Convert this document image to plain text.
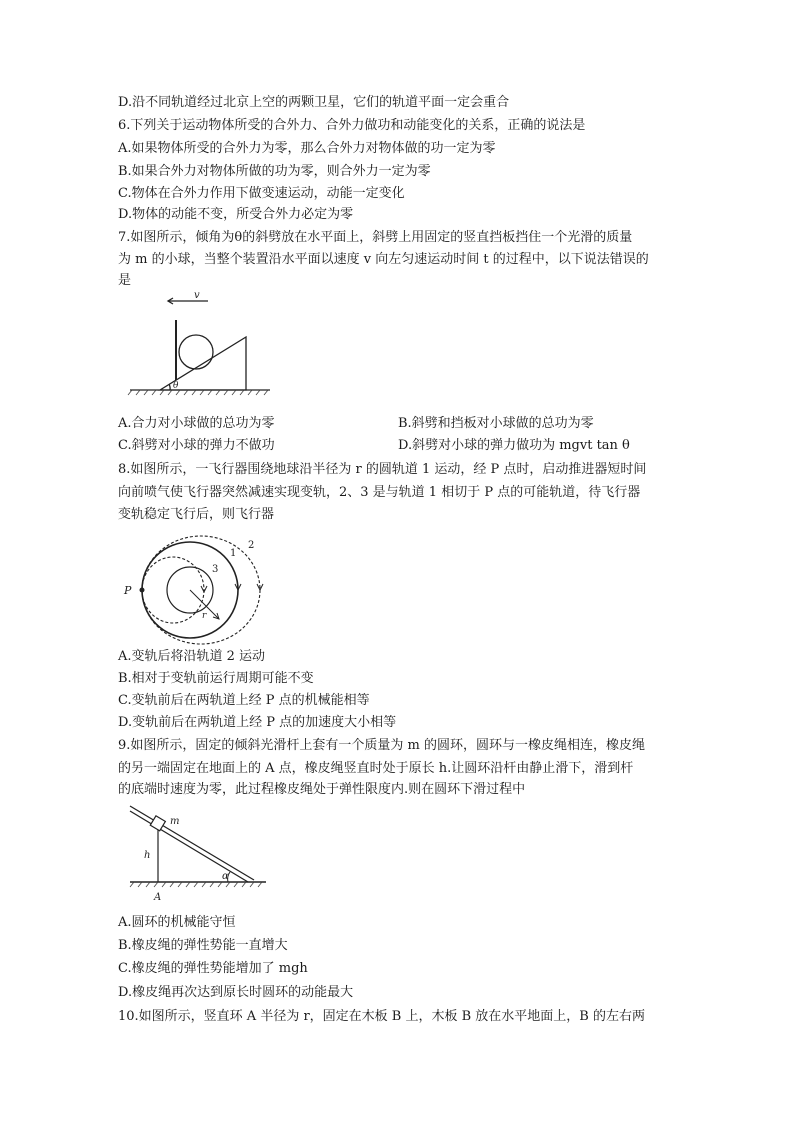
D.沿不同轨道经过北京上空的两颗卫星，它们的轨道平面一定会重合
6.下列关于运动物体所受的合外力、合外力做功和动能变化的关系，正确的说法是
A.如果物体所受的合外力为零，那么合外力对物体做的功一定为零
B.如果合外力对物体所做的功为零，则合外力一定为零
C.物体在合外力作用下做变速运动，动能一定变化
D.物体的动能不变，所受合外力必定为零
7.如图所示，倾角为θ的斜劈放在水平面上，斜劈上用固定的竖直挡板挡住一个光滑的质量
为 m 的小球，当整个装置沿水平面以速度 v 向左匀速运动时间 t 的过程中，以下说法错误的
是
v
θ
A.合力对小球做的总功为零	B.斜劈和挡板对小球做的总功为零
C.斜劈对小球的弹力不做功	D.斜劈对小球的弹力做功为 mgvt tan θ
8.如图所示，一飞行器围绕地球沿半径为 r 的圆轨道 1 运动，经 P 点时，启动推进器短时间
向前喷气使飞行器突然减速实现变轨，2、3 是与轨道 1 相切于 P 点的可能轨道，待飞行器
变轨稳定飞行后，则飞行器
P
1
2
3
r
A.变轨后将沿轨道 2 运动
B.相对于变轨前运行周期可能不变
C.变轨前后在两轨道上经 P 点的机械能相等
D.变轨前后在两轨道上经 P 点的加速度大小相等
9.如图所示，固定的倾斜光滑杆上套有一个质量为 m 的圆环，圆环与一橡皮绳相连，橡皮绳
的另一端固定在地面上的 A 点，橡皮绳竖直时处于原长 h.让圆环沿杆由静止滑下，滑到杆
的底端时速度为零，此过程橡皮绳处于弹性限度内.则在圆环下滑过程中
m
h
α
A
A.圆环的机械能守恒
B.橡皮绳的弹性势能一直增大
C.橡皮绳的弹性势能增加了 mgh
D.橡皮绳再次达到原长时圆环的动能最大
10.如图所示，竖直环 A 半径为 r，固定在木板 B 上，木板 B 放在水平地面上，B 的左右两
